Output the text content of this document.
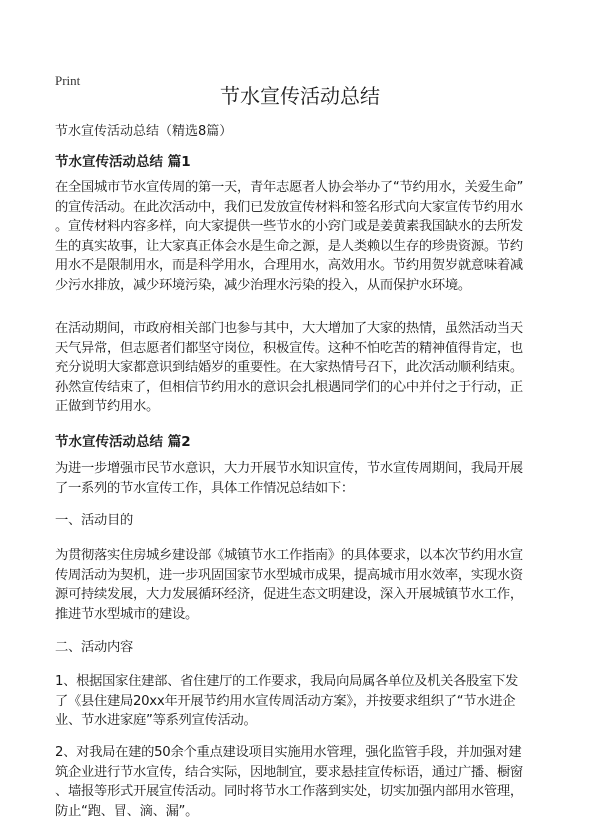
Print
节水宣传活动总结
节水宣传活动总结（精选8篇）
节水宣传活动总结 篇1
在全国城市节水宣传周的第一天，青年志愿者人协会举办了“节约用水，关爱生命”
的宣传活动。在此次活动中，我们已发放宣传材料和签名形式向大家宣传节约用水
。宣传材料内容多样，向大家提供一些节水的小窍门或是姜黄素我国缺水的去所发
生的真实故事，让大家真正体会水是生命之源，是人类赖以生存的珍贵资源。节约
用水不是限制用水，而是科学用水，合理用水，高效用水。节约用贺岁就意味着减
少污水排放，减少环境污染，减少治理水污染的投入，从而保护水环境。
在活动期间，市政府相关部门也参与其中，大大增加了大家的热情，虽然活动当天
天气异常，但志愿者们都坚守岗位，积极宣传。这种不怕吃苦的精神值得肯定，也
充分说明大家都意识到结婚岁的重要性。在大家热情号召下，此次活动顺利结束。
孙然宣传结束了，但相信节约用水的意识会扎根遇同学们的心中并付之于行动，正
正做到节约用水。
节水宣传活动总结 篇2
为进一步增强市民节水意识，大力开展节水知识宣传，节水宣传周期间，我局开展
了一系列的节水宣传工作，具体工作情况总结如下：
一、活动目的
为贯彻落实住房城乡建设部《城镇节水工作指南》的具体要求，以本次节约用水宣
传周活动为契机，进一步巩固国家节水型城市成果，提高城市用水效率，实现水资
源可持续发展，大力发展循环经济，促进生态文明建设，深入开展城镇节水工作，
推进节水型城市的建设。
二、活动内容
1、根据国家住建部、省住建厅的工作要求，我局向局属各单位及机关各股室下发
了《县住建局20xx年开展节约用水宣传周活动方案》，并按要求组织了“节水进企
业、节水进家庭”等系列宣传活动。
2、对我局在建的50余个重点建设项目实施用水管理，强化监管手段，并加强对建
筑企业进行节水宣传，结合实际，因地制宜，要求悬挂宣传标语，通过广播、橱窗
、墙报等形式开展宣传活动。同时将节水工作落到实处，切实加强内部用水管理，
防止“跑、冒、滴、漏”。
